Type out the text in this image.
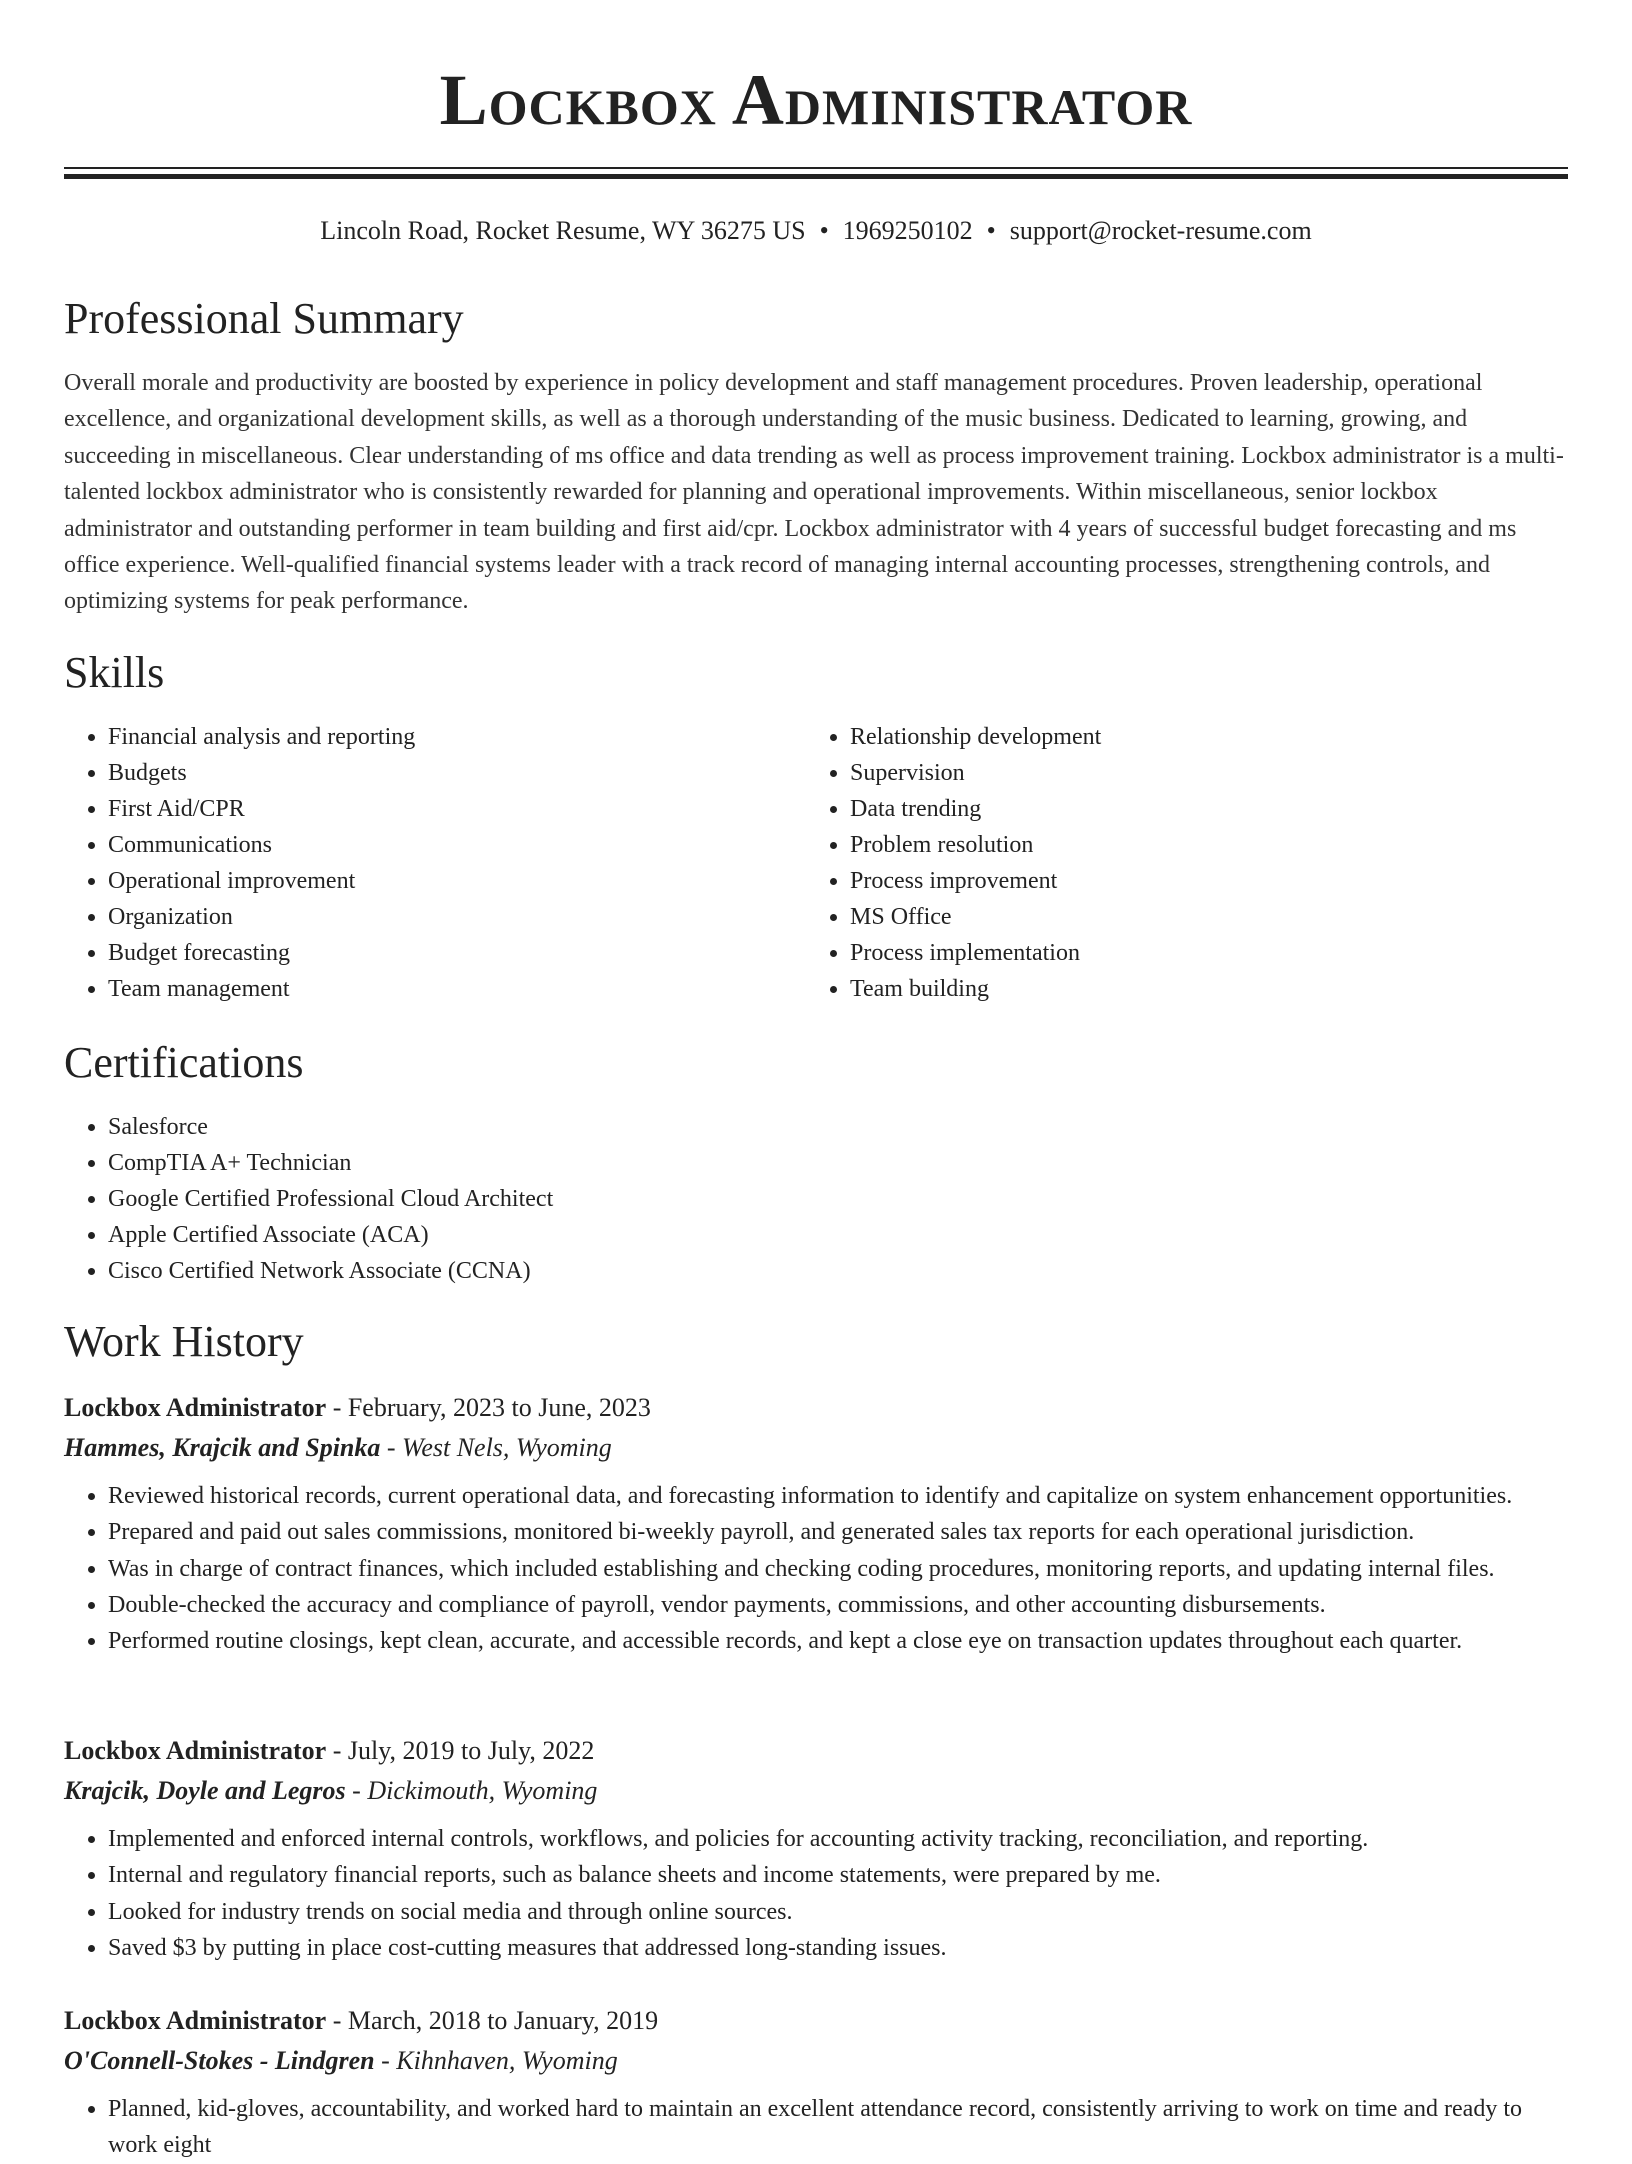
Lockbox Administrator
Lincoln Road, Rocket Resume, WY 36275 US • 1969250102 • support@rocket-resume.com
Professional Summary

Overall morale and productivity are boosted by experience in policy development and staff management procedures. Proven leadership, operational excellence, and organizational development skills, as well as a thorough understanding of the music business. Dedicated to learning, growing, and succeeding in miscellaneous. Clear understanding of ms office and data trending as well as process improvement training. Lockbox administrator is a multi-talented lockbox administrator who is consistently rewarded for planning and operational improvements. Within miscellaneous, senior lockbox administrator and outstanding performer in team building and first aid/cpr. Lockbox administrator with 4 years of successful budget forecasting and ms office experience. Well-qualified financial systems leader with a track record of managing internal accounting processes, strengthening controls, and optimizing systems for peak performance.

Skills
• Financial analysis and reporting
• Budgets
• First Aid/CPR
• Communications
• Operational improvement
• Organization
• Budget forecasting
• Team management
• Relationship development
• Supervision
• Data trending
• Problem resolution
• Process improvement
• MS Office
• Process implementation
• Team building
Certifications
• Salesforce
• CompTIA A+ Technician
• Google Certified Professional Cloud Architect
• Apple Certified Associate (ACA)
• Cisco Certified Network Associate (CCNA)
Work History

Lockbox Administrator - February, 2023 to June, 2023

Hammes, Krajcik and Spinka - West Nels, Wyoming

• Reviewed historical records, current operational data, and forecasting information to identify and capitalize on system enhancement opportunities.
• Prepared and paid out sales commissions, monitored bi-weekly payroll, and generated sales tax reports for each operational jurisdiction.
• Was in charge of contract finances, which included establishing and checking coding procedures, monitoring reports, and updating internal files.
• Double-checked the accuracy and compliance of payroll, vendor payments, commissions, and other accounting disbursements.
• Performed routine closings, kept clean, accurate, and accessible records, and kept a close eye on transaction updates throughout each quarter.

Lockbox Administrator - July, 2019 to July, 2022

Krajcik, Doyle and Legros - Dickimouth, Wyoming

• Implemented and enforced internal controls, workflows, and policies for accounting activity tracking, reconciliation, and reporting.
• Internal and regulatory financial reports, such as balance sheets and income statements, were prepared by me.
• Looked for industry trends on social media and through online sources.
• Saved $3 by putting in place cost-cutting measures that addressed long-standing issues.

Lockbox Administrator - March, 2018 to January, 2019

O'Connell-Stokes - Lindgren - Kihnhaven, Wyoming

• Planned, kid-gloves, accountability, and worked hard to maintain an excellent attendance record, consistently arriving to work on time and ready to work eight
